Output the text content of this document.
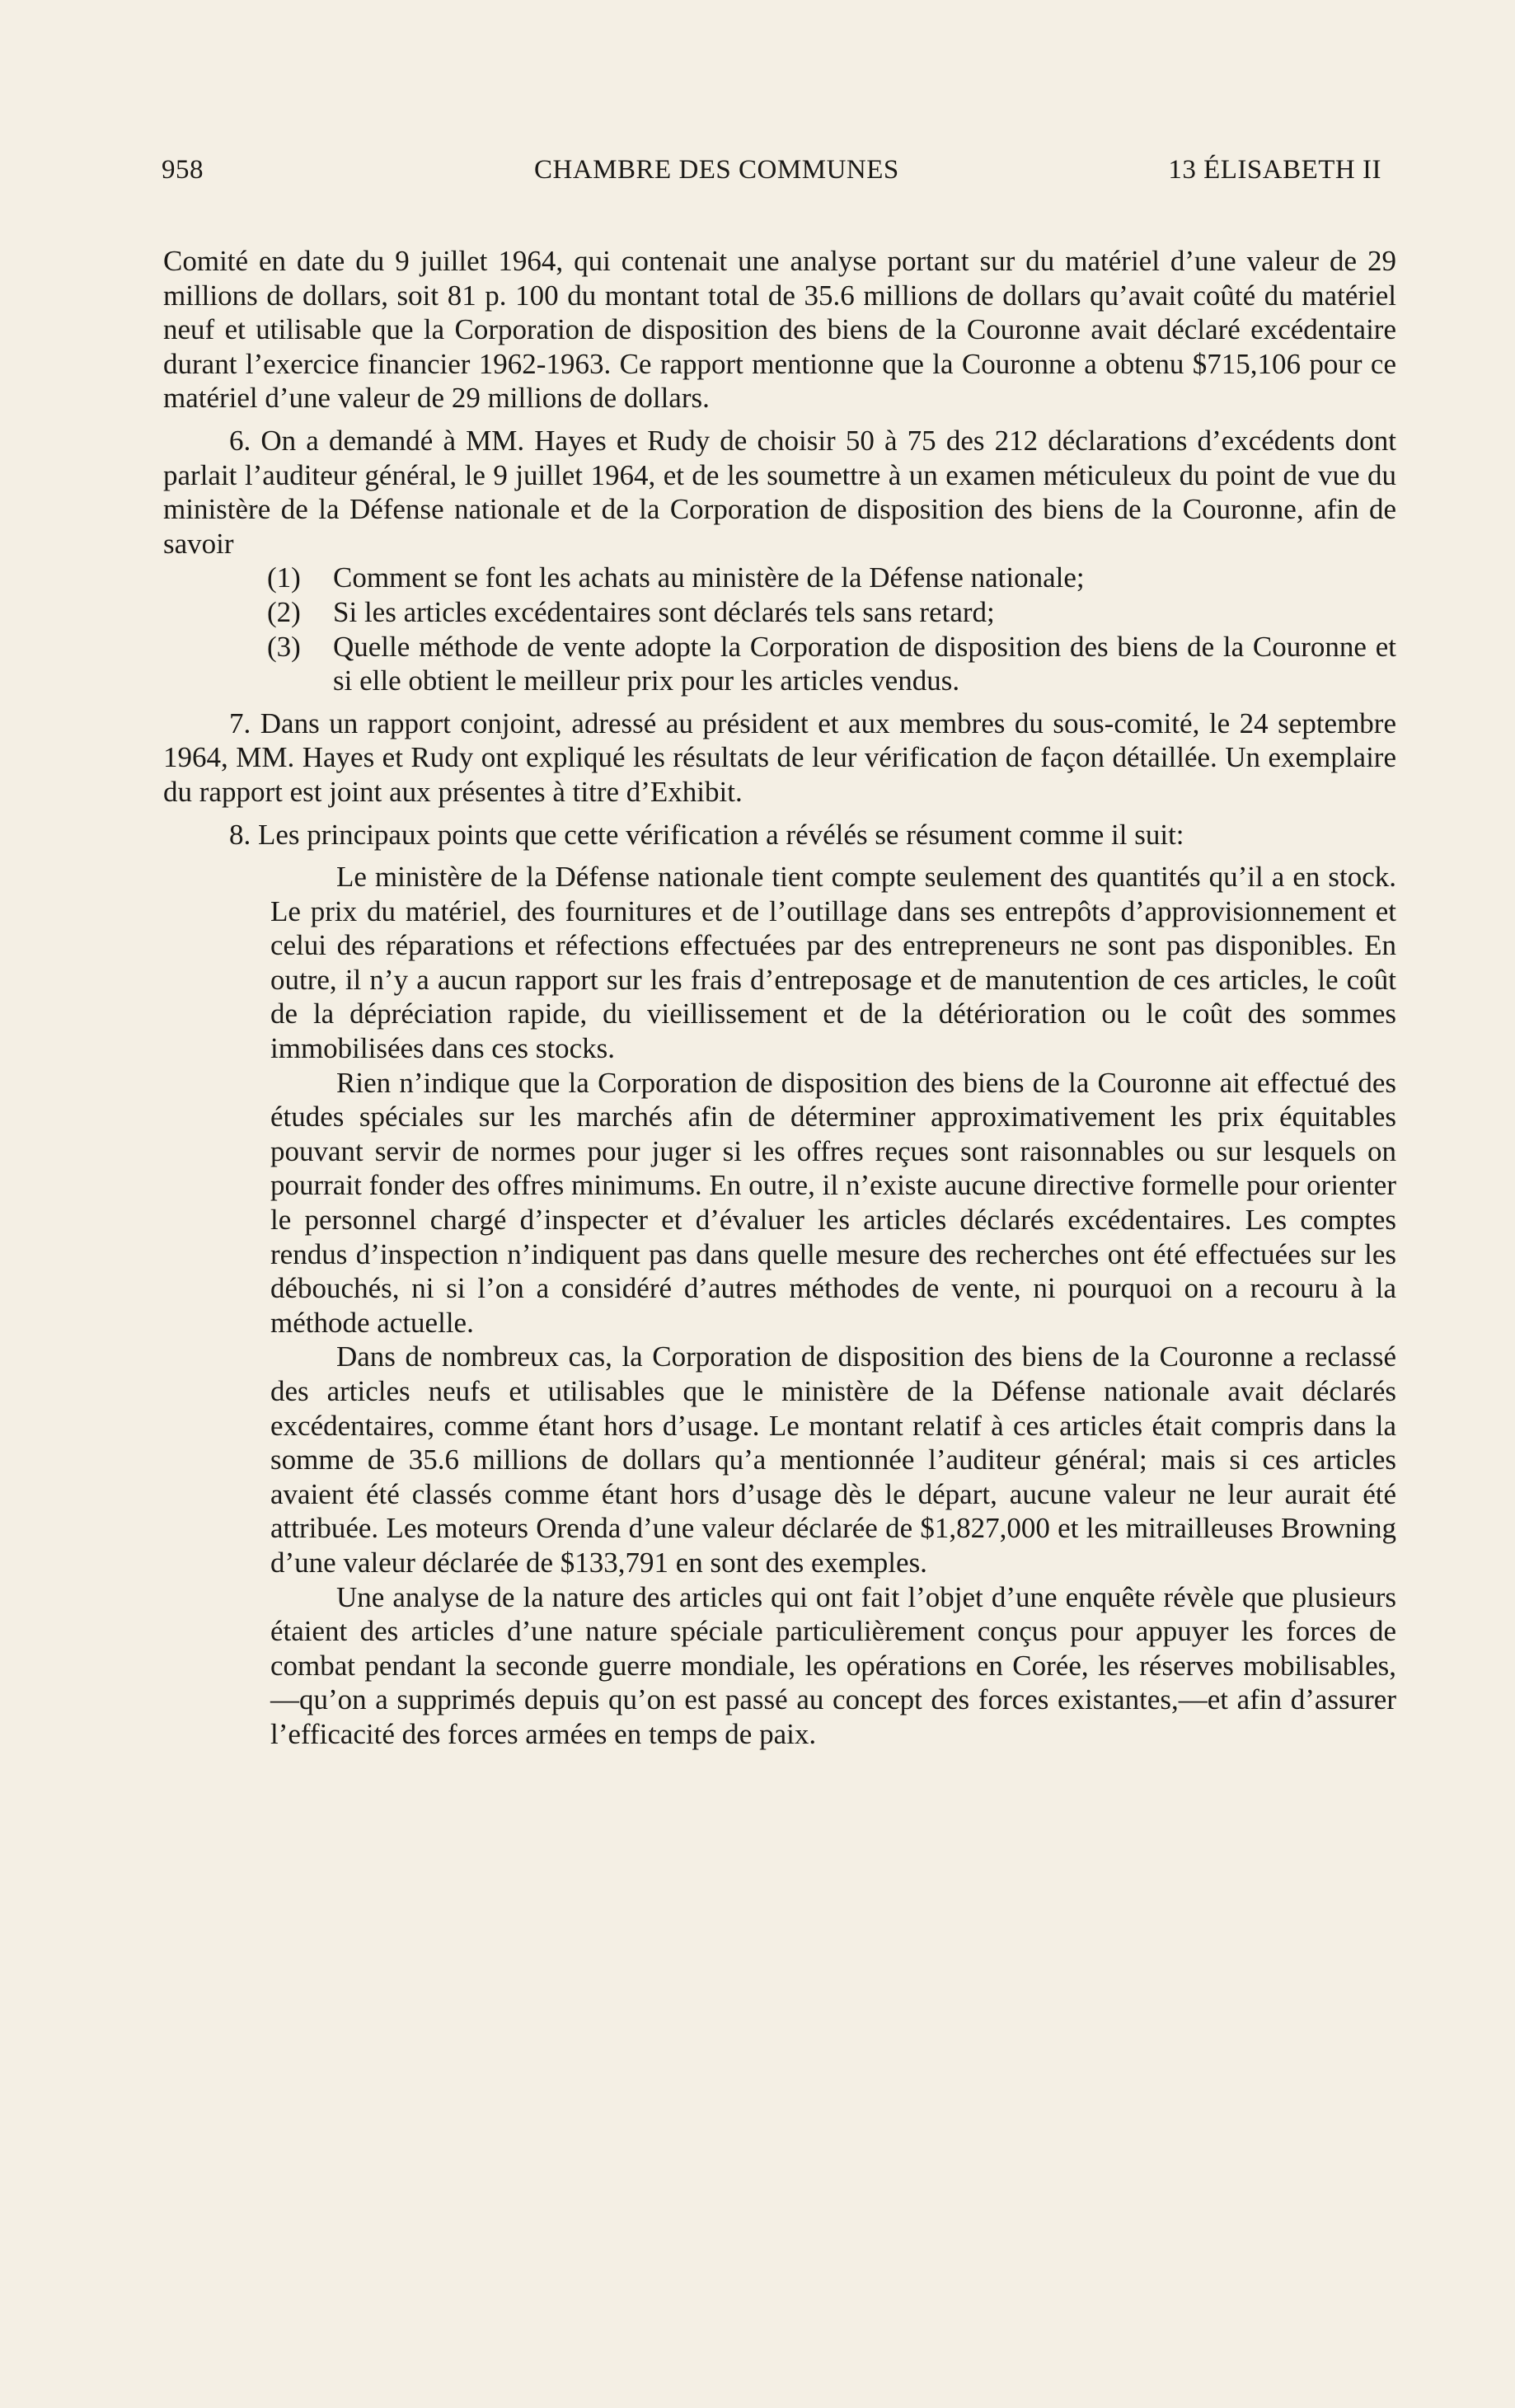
958	CHAMBRE DES COMMUNES	13 ÉLISABETH II

Comité en date du 9 juillet 1964, qui contenait une analyse portant sur du matériel d’une valeur de 29 millions de dollars, soit 81 p. 100 du montant total de 35.6 millions de dollars qu’avait coûté du matériel neuf et utilisable que la Corporation de disposition des biens de la Couronne avait déclaré excédentaire durant l’exercice financier 1962-1963. Ce rapport mentionne que la Couronne a obtenu $715,106 pour ce matériel d’une valeur de 29 millions de dollars.

6. On a demandé à MM. Hayes et Rudy de choisir 50 à 75 des 212 déclarations d’excédents dont parlait l’auditeur général, le 9 juillet 1964, et de les soumettre à un examen méticuleux du point de vue du ministère de la Défense nationale et de la Corporation de disposition des biens de la Couronne, afin de savoir

(1) Comment se font les achats au ministère de la Défense nationale;
(2) Si les articles excédentaires sont déclarés tels sans retard;
(3) Quelle méthode de vente adopte la Corporation de disposition des biens de la Couronne et si elle obtient le meilleur prix pour les articles vendus.

7. Dans un rapport conjoint, adressé au président et aux membres du sous-comité, le 24 septembre 1964, MM. Hayes et Rudy ont expliqué les résultats de leur vérification de façon détaillée. Un exemplaire du rapport est joint aux présentes à titre d’Exhibit.

8. Les principaux points que cette vérification a révélés se résument comme il suit:

Le ministère de la Défense nationale tient compte seulement des quantités qu’il a en stock. Le prix du matériel, des fournitures et de l’outillage dans ses entrepôts d’approvisionnement et celui des réparations et réfections effectuées par des entrepreneurs ne sont pas disponibles. En outre, il n’y a aucun rapport sur les frais d’entreposage et de manutention de ces articles, le coût de la dépréciation rapide, du vieillissement et de la détérioration ou le coût des sommes immobilisées dans ces stocks.

Rien n’indique que la Corporation de disposition des biens de la Couronne ait effectué des études spéciales sur les marchés afin de déterminer approximativement les prix équitables pouvant servir de normes pour juger si les offres reçues sont raisonnables ou sur lesquels on pourrait fonder des offres minimums. En outre, il n’existe aucune directive formelle pour orienter le personnel chargé d’inspecter et d’évaluer les articles déclarés excédentaires. Les comptes rendus d’inspection n’indiquent pas dans quelle mesure des recherches ont été effectuées sur les débouchés, ni si l’on a considéré d’autres méthodes de vente, ni pourquoi on a recouru à la méthode actuelle.

Dans de nombreux cas, la Corporation de disposition des biens de la Couronne a reclassé des articles neufs et utilisables que le ministère de la Défense nationale avait déclarés excédentaires, comme étant hors d’usage. Le montant relatif à ces articles était compris dans la somme de 35.6 millions de dollars qu’a mentionnée l’auditeur général; mais si ces articles avaient été classés comme étant hors d’usage dès le départ, aucune valeur ne leur aurait été attribuée. Les moteurs Orenda d’une valeur déclarée de $1,827,000 et les mitrailleuses Browning d’une valeur déclarée de $133,791 en sont des exemples.

Une analyse de la nature des articles qui ont fait l’objet d’une enquête révèle que plusieurs étaient des articles d’une nature spéciale particulièrement conçus pour appuyer les forces de combat pendant la seconde guerre mondiale, les opérations en Corée, les réserves mobilisables,—qu’on a supprimés depuis qu’on est passé au concept des forces existantes,—et afin d’assurer l’efficacité des forces armées en temps de paix.
